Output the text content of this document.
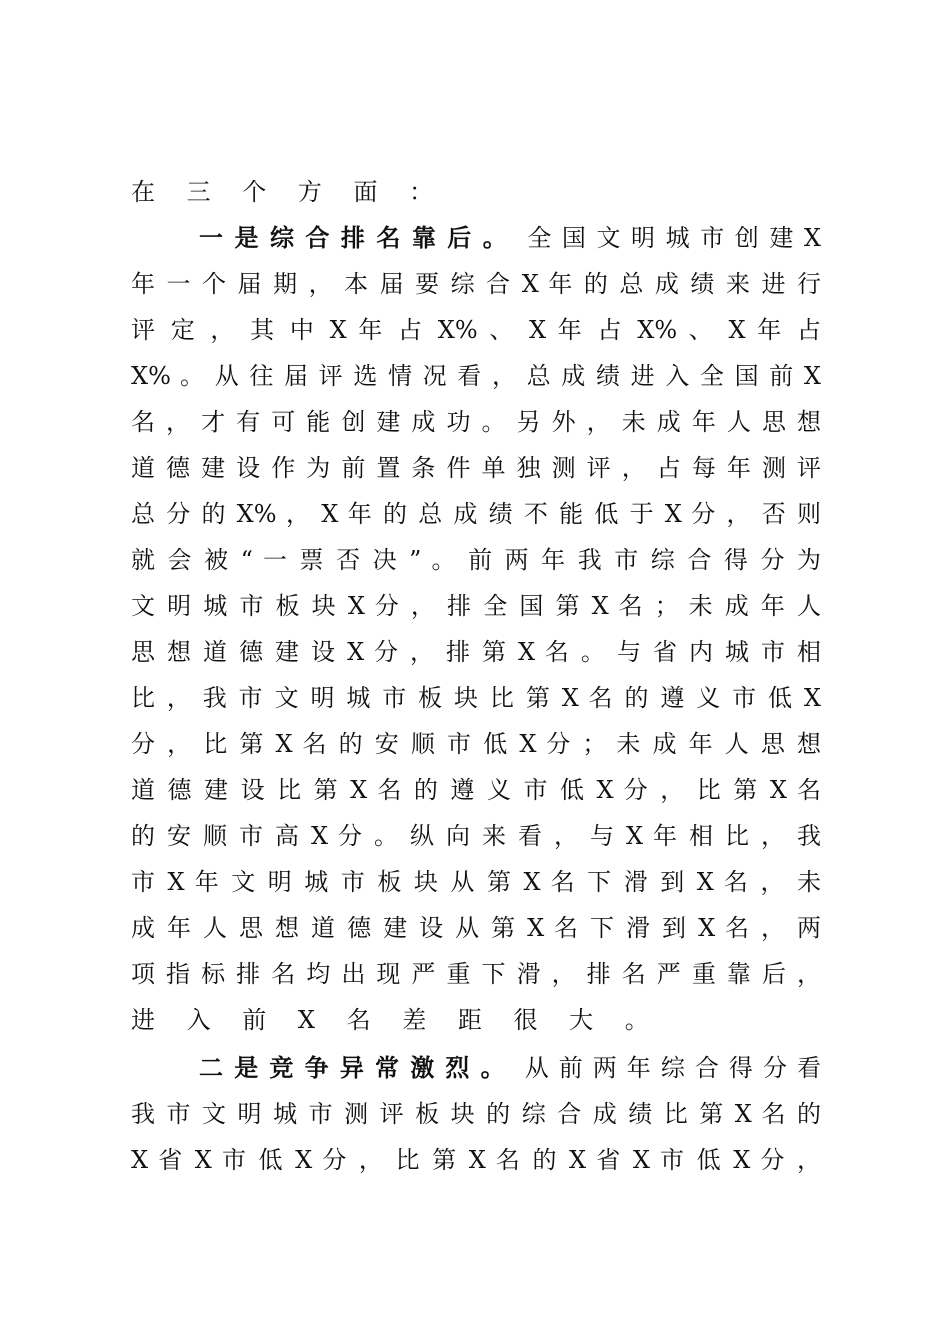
在 三 个 方 面 ：
一是综合排名靠后。 全 国 文 明 城 市 创 建 X
年 一 个 届 期 ， 本 届 要 综 合 X 年 的 总 成 绩 来 进 行
评 定 ， 其 中 X 年 占 X% 、 X 年 占 X% 、 X 年 占
X% 。 从 往 届 评 选 情 况 看 ， 总 成 绩 进 入 全 国 前 X
名 ， 才 有 可 能 创 建 成 功 。 另 外 ， 未 成 年 人 思 想
道 德 建 设 作 为 前 置 条 件 单 独 测 评 ， 占 每 年 测 评
总 分 的 X% ， X 年 的 总 成 绩 不 能 低 于 X 分 ， 否 则
就 会 被 “ 一 票 否 决 ” 。 前 两 年 我 市 综 合 得 分 为
文 明 城 市 板 块 X 分 ， 排 全 国 第 X 名 ； 未 成 年 人
思 想 道 德 建 设 X 分 ， 排 第 X 名 。 与 省 内 城 市 相
比 ， 我 市 文 明 城 市 板 块 比 第 X 名 的 遵 义 市 低 X
分 ， 比 第 X 名 的 安 顺 市 低 X 分 ； 未 成 年 人 思 想
道 德 建 设 比 第 X 名 的 遵 义 市 低 X 分 ， 比 第 X 名
的 安 顺 市 高 X 分 。 纵 向 来 看 ， 与 X 年 相 比 ， 我
市 X 年 文 明 城 市 板 块 从 第 X 名 下 滑 到 X 名 ， 未
成 年 人 思 想 道 德 建 设 从 第 X 名 下 滑 到 X 名 ， 两
项 指 标 排 名 均 出 现 严 重 下 滑 ， 排 名 严 重 靠 后 ，
进 入 前 X 名 差 距 很 大 。
二是竞争异常激烈。 从 前 两 年 综 合 得 分 看
我 市 文 明 城 市 测 评 板 块 的 综 合 成 绩 比 第 X 名 的
X 省 X 市 低 X 分 ， 比 第 X 名 的 X 省 X 市 低 X 分 ，
